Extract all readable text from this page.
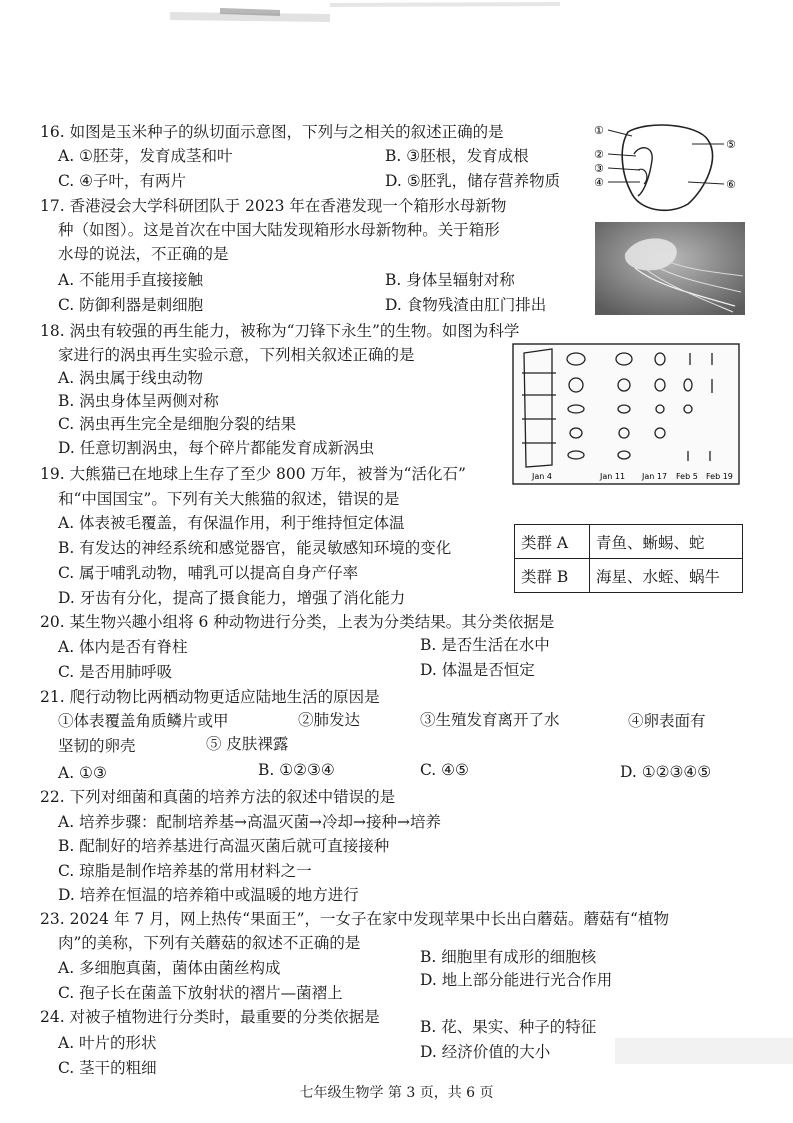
16. 如图是玉米种子的纵切面示意图，下列与之相关的叙述正确的是
A. ①胚芽，发育成茎和叶	B. ③胚根，发育成根
C. ④子叶，有两片	D. ⑤胚乳，储存营养物质
①
②
③
④
⑤
⑥
17. 香港浸会大学科研团队于 2023 年在香港发现一个箱形水母新物
种（如图）。这是首次在中国大陆发现箱形水母新物种。关于箱形
水母的说法，不正确的是
A. 不能用手直接接触	B. 身体呈辐射对称
C. 防御利器是刺细胞	D. 食物残渣由肛门排出
18. 涡虫有较强的再生能力，被称为“刀锋下永生”的生物。如图为科学
家进行的涡虫再生实验示意，下列相关叙述正确的是
A. 涡虫属于线虫动物
B. 涡虫身体呈两侧对称
C. 涡虫再生完全是细胞分裂的结果
D. 任意切割涡虫，每个碎片都能发育成新涡虫
Jan 4	Jan 11 Jan 17 Feb 5 Feb 19
19. 大熊猫已在地球上生存了至少 800 万年，被誉为“活化石”
和“中国国宝”。下列有关大熊猫的叙述，错误的是
A. 体表被毛覆盖，有保温作用，利于维持恒定体温
B. 有发达的神经系统和感觉器官，能灵敏感知环境的变化
C. 属于哺乳动物，哺乳可以提高自身产仔率
D. 牙齿有分化，提高了摄食能力，增强了消化能力
类群 A	青鱼、蜥蜴、蛇
类群 B	海星、水蛭、蜗牛
20. 某生物兴趣小组将 6 种动物进行分类，上表为分类结果。其分类依据是
A. 体内是否有脊柱	B. 是否生活在水中
C. 是否用肺呼吸	D. 体温是否恒定
21. 爬行动物比两栖动物更适应陆地生活的原因是
①体表覆盖角质鳞片或甲	②肺发达	③生殖发育离开了水	④卵表面有
坚韧的卵壳	⑤ 皮肤裸露
A. ①③	B. ①②③④	C. ④⑤	D. ①②③④⑤
22. 下列对细菌和真菌的培养方法的叙述中错误的是
A. 培养步骤：配制培养基→高温灭菌→冷却→接种→培养
B. 配制好的培养基进行高温灭菌后就可直接接种
C. 琼脂是制作培养基的常用材料之一
D. 培养在恒温的培养箱中或温暖的地方进行
23. 2024 年 7 月，网上热传“果面王”，一女子在家中发现苹果中长出白蘑菇。蘑菇有“植物
肉”的美称，下列有关蘑菇的叙述不正确的是
A. 多细胞真菌，菌体由菌丝构成
B. 细胞里有成形的细胞核
C. 孢子长在菌盖下放射状的褶片—菌褶上
D. 地上部分能进行光合作用
24. 对被子植物进行分类时，最重要的分类依据是
A. 叶片的形状
B. 花、果实、种子的特征
C. 茎干的粗细
D. 经济价值的大小
七年级生物学 第 3 页，共 6 页
